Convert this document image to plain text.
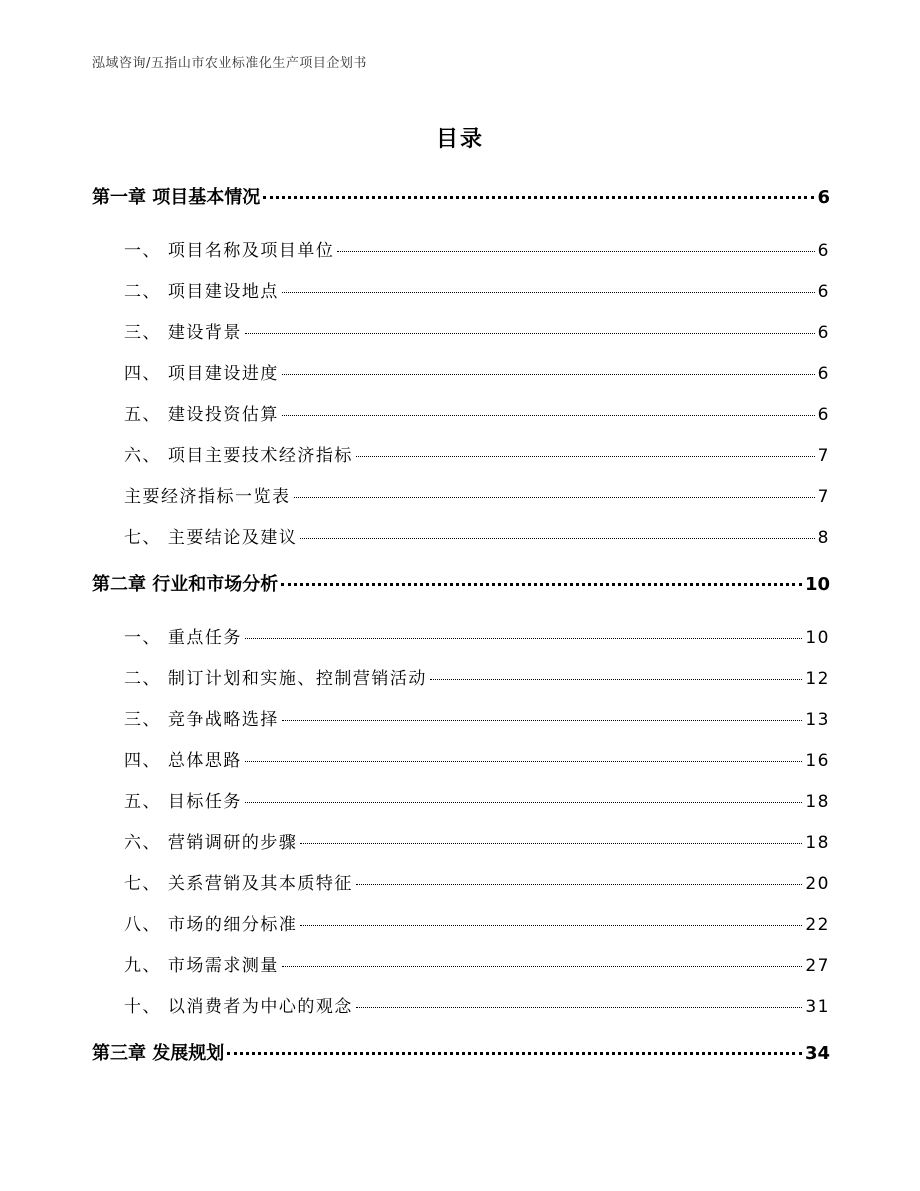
泓域咨询/五指山市农业标准化生产项目企划书
目录
第一章 项目基本情况	6
一、 项目名称及项目单位	6
二、 项目建设地点	6
三、 建设背景	6
四、 项目建设进度	6
五、 建设投资估算	6
六、 项目主要技术经济指标	7
主要经济指标一览表	7
七、 主要结论及建议	8
第二章 行业和市场分析	10
一、 重点任务	10
二、 制订计划和实施、控制营销活动	12
三、 竞争战略选择	13
四、 总体思路	16
五、 目标任务	18
六、 营销调研的步骤	18
七、 关系营销及其本质特征	20
八、 市场的细分标准	22
九、 市场需求测量	27
十、 以消费者为中心的观念	31
第三章 发展规划	34
